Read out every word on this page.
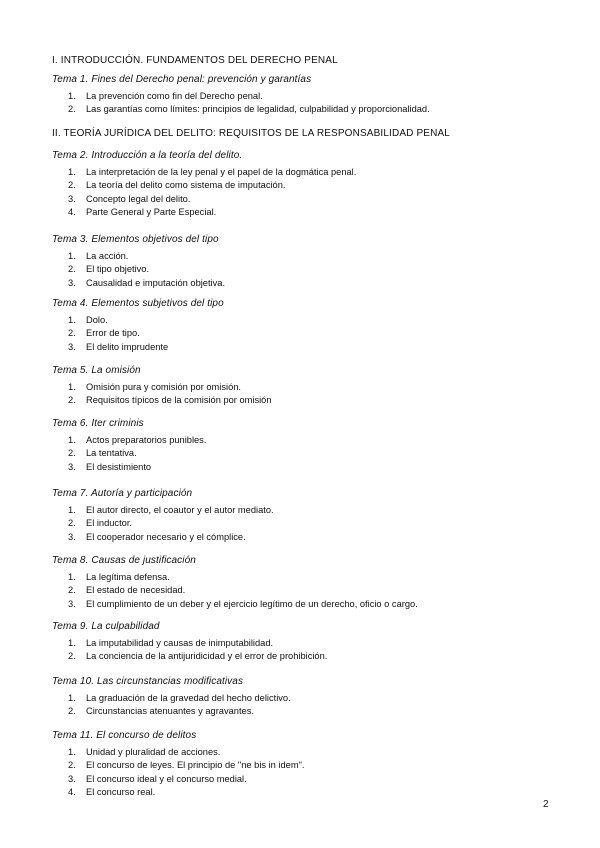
I. INTRODUCCIÓN. FUNDAMENTOS DEL DERECHO PENAL
Tema 1. Fines del Derecho penal: prevención y garantías
1. La prevención como fin del Derecho penal.
2. Las garantías como límites: principios de legalidad, culpabilidad y proporcionalidad.
II. TEORÍA JURÍDICA DEL DELITO: REQUISITOS DE LA RESPONSABILIDAD PENAL
Tema 2. Introducción a la teoría del delito.
1. La interpretación de la ley penal y el papel de la dogmática penal.
2. La teoría del delito como sistema de imputación.
3. Concepto legal del delito.
4. Parte General y Parte Especial.
Tema 3. Elementos objetivos del tipo
1. La acción.
2. El tipo objetivo.
3. Causalidad e imputación objetiva.
Tema 4. Elementos subjetivos del tipo
1. Dolo.
2. Error de tipo.
3. El delito imprudente
Tema 5. La omisión
1. Omisión pura y comisión por omisión.
2. Requisitos típicos de la comisión por omisión
Tema 6. Iter criminis
1. Actos preparatorios punibles.
2. La tentativa.
3. El desistimiento
Tema 7. Autoría y participación
1. El autor directo, el coautor y el autor mediato.
2. El inductor.
3. El cooperador necesario y el cómplice.
Tema 8. Causas de justificación
1. La legítima defensa.
2. El estado de necesidad.
3. El cumplimiento de un deber y el ejercicio legítimo de un derecho, oficio o cargo.
Tema 9. La culpabilidad
1. La imputabilidad y causas de inimputabilidad.
2. La conciencia de la antijuridicidad y el error de prohibición.
Tema 10. Las circunstancias modificativas
1. La graduación de la gravedad del hecho delictivo.
2. Circunstancias atenuantes y agravantes.
Tema 11. El concurso de delitos
1. Unidad y pluralidad de acciones.
2. El concurso de leyes. El principio de "ne bis in idem".
3. El concurso ideal y el concurso medial.
4. El concurso real.
2
